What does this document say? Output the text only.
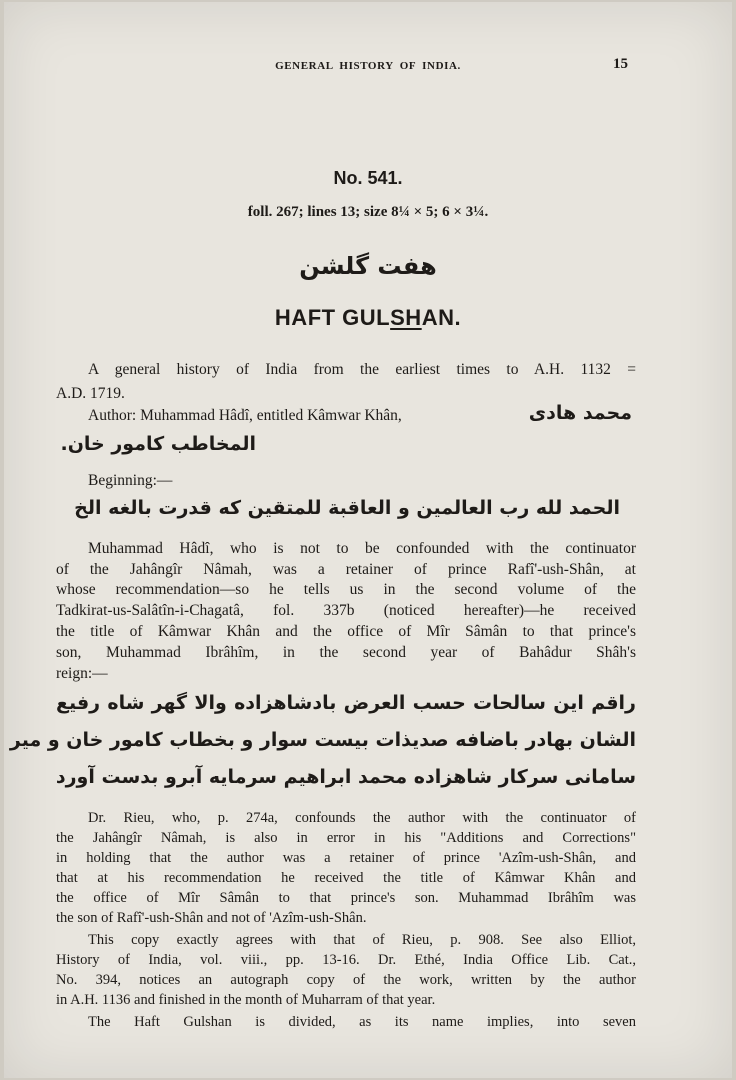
GENERAL HISTORY OF INDIA.	15
No. 541.
foll. 267; lines 13; size 8¼ × 5; 6 × 3¼.
هفت گلشن
HAFT GULSHAN.
A general history of India from the earliest times to A.H. 1132 =
A.D. 1719.
Author: Muhammad Hâdî, entitled Kâmwar Khân,	محمد هادی
المخاطب کامور خان.
Beginning:—
الحمد لله رب العالمین و العاقبة للمتقین که قدرت بالغه الخ
Muhammad Hâdî, who is not to be confounded with the continuator
of the Jahângîr Nâmah, was a retainer of prince Rafî'-ush-Shân, at
whose recommendation—so he tells us in the second volume of the
Tadkirat-us-Salâtîn-i-Chagatâ, fol. 337b (noticed hereafter)—he received
the title of Kâmwar Khân and the office of Mîr Sâmân to that prince's
son, Muhammad Ibrâhîm, in the second year of Bahâdur Shâh's
reign:—
راقم این سالحات حسب العرض بادشاهزاده والا گهر شاه رفیع
الشان بهادر باضافه صدیذات بیست سوار و بخطاب کامور خان و میر
سامانی سرکار شاهزاده محمد ابراهیم سرمایه آبرو بدست آورد
Dr. Rieu, who, p. 274a, confounds the author with the continuator of
the Jahângîr Nâmah, is also in error in his "Additions and Corrections"
in holding that the author was a retainer of prince 'Azîm-ush-Shân, and
that at his recommendation he received the title of Kâmwar Khân and
the office of Mîr Sâmân to that prince's son. Muhammad Ibrâhîm was
the son of Rafî'-ush-Shân and not of 'Azîm-ush-Shân.
This copy exactly agrees with that of Rieu, p. 908. See also Elliot,
History of India, vol. viii., pp. 13-16. Dr. Ethé, India Office Lib. Cat.,
No. 394, notices an autograph copy of the work, written by the author
in A.H. 1136 and finished in the month of Muharram of that year.
The Haft Gulshan is divided, as its name implies, into seven
